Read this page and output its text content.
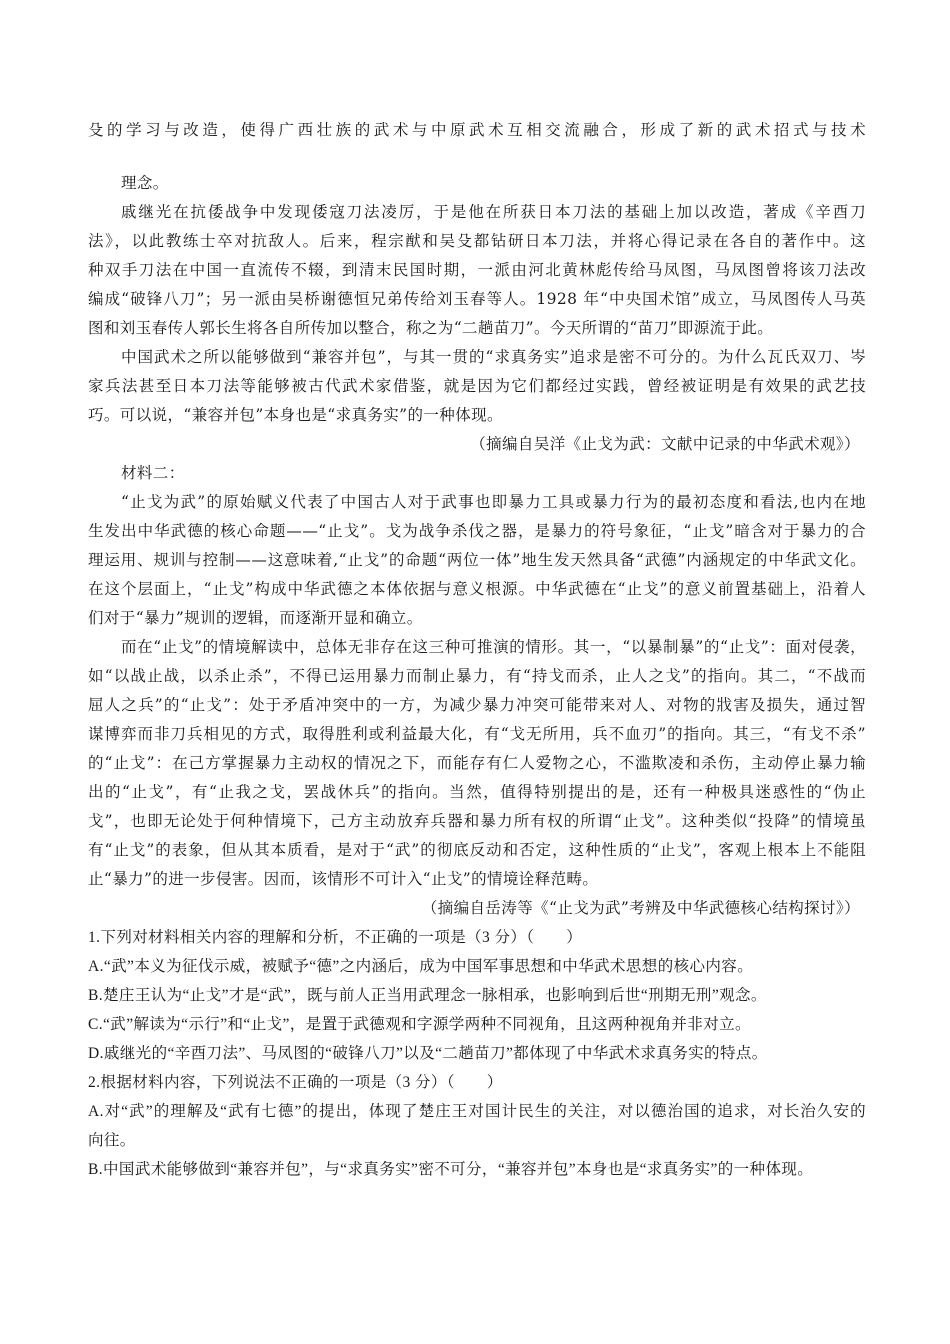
殳的学习与改造，使得广西壮族的武术与中原武术互相交流融合，形成了新的武术招式与技术
理念。
戚继光在抗倭战争中发现倭寇刀法凌厉，于是他在所获日本刀法的基础上加以改造，著成《辛酉刀
法》，以此教练士卒对抗敌人。后来，程宗猷和吴殳都钻研日本刀法，并将心得记录在各自的著作中。这
种双手刀法在中国一直流传不辍，到清末民国时期，一派由河北黄林彪传给马凤图，马凤图曾将该刀法改
编成“破锋八刀”；另一派由吴桥谢德恒兄弟传给刘玉春等人。1928 年“中央国术馆”成立，马凤图传人马英
图和刘玉春传人郭长生将各自所传加以整合，称之为“二趟苗刀”。今天所谓的“苗刀”即源流于此。
中国武术之所以能够做到“兼容并包”，与其一贯的“求真务实”追求是密不可分的。为什么瓦氏双刀、岑
家兵法甚至日本刀法等能够被古代武术家借鉴，就是因为它们都经过实践，曾经被证明是有效果的武艺技
巧。可以说，“兼容并包”本身也是“求真务实”的一种体现。
（摘编自吴洋《止戈为武：文献中记录的中华武术观》）
材料二：
“止戈为武”的原始赋义代表了中国古人对于武事也即暴力工具或暴力行为的最初态度和看法,也内在地
生发出中华武德的核心命题——“止戈”。戈为战争杀伐之器，是暴力的符号象征，“止戈”暗含对于暴力的合
理运用、规训与控制——这意味着,“止戈”的命题“两位一体”地生发天然具备“武德”内涵规定的中华武文化。
在这个层面上，“止戈”构成中华武德之本体依据与意义根源。中华武德在“止戈”的意义前置基础上，沿着人
们对于“暴力”规训的逻辑，而逐渐开显和确立。
而在“止戈”的情境解读中，总体无非存在这三种可推演的情形。其一，“以暴制暴”的“止戈”：面对侵袭，
如“以战止战，以杀止杀”，不得已运用暴力而制止暴力，有“持戈而杀，止人之戈”的指向。其二，“不战而
屈人之兵”的“止戈”：处于矛盾冲突中的一方，为减少暴力冲突可能带来对人、对物的戕害及损失，通过智
谋博弈而非刀兵相见的方式，取得胜利或利益最大化，有“戈无所用，兵不血刃”的指向。其三，“有戈不杀”
的“止戈”：在己方掌握暴力主动权的情况之下，而能存有仁人爱物之心，不滥欺凌和杀伤，主动停止暴力输
出的“止戈”，有“止我之戈，罢战休兵”的指向。当然，值得特别提出的是，还有一种极具迷惑性的“伪止
戈”，也即无论处于何种情境下，己方主动放弃兵器和暴力所有权的所谓“止戈”。这种类似“投降”的情境虽
有“止戈”的表象，但从其本质看，是对于“武”的彻底反动和否定，这种性质的“止戈”，客观上根本上不能阻
止“暴力”的进一步侵害。因而，该情形不可计入“止戈”的情境诠释范畴。
（摘编自岳涛等《“止戈为武”考辨及中华武德核心结构探讨》）
1.下列对材料相关内容的理解和分析，不正确的一项是（3 分）（　　）
A.“武”本义为征伐示威，被赋予“德”之内涵后，成为中国军事思想和中华武术思想的核心内容。
B.楚庄王认为“止戈”才是“武”，既与前人正当用武理念一脉相承，也影响到后世“刑期无刑”观念。
C.“武”解读为“示行”和“止戈”，是置于武德观和字源学两种不同视角，且这两种视角并非对立。
D.戚继光的“辛酉刀法”、马凤图的“破锋八刀”以及“二趟苗刀”都体现了中华武术求真务实的特点。
2.根据材料内容，下列说法不正确的一项是（3 分）（　　）
A.对“武”的理解及“武有七德”的提出，体现了楚庄王对国计民生的关注，对以德治国的追求，对长治久安的
向往。
B.中国武术能够做到“兼容并包”，与“求真务实”密不可分，“兼容并包”本身也是“求真务实”的一种体现。
